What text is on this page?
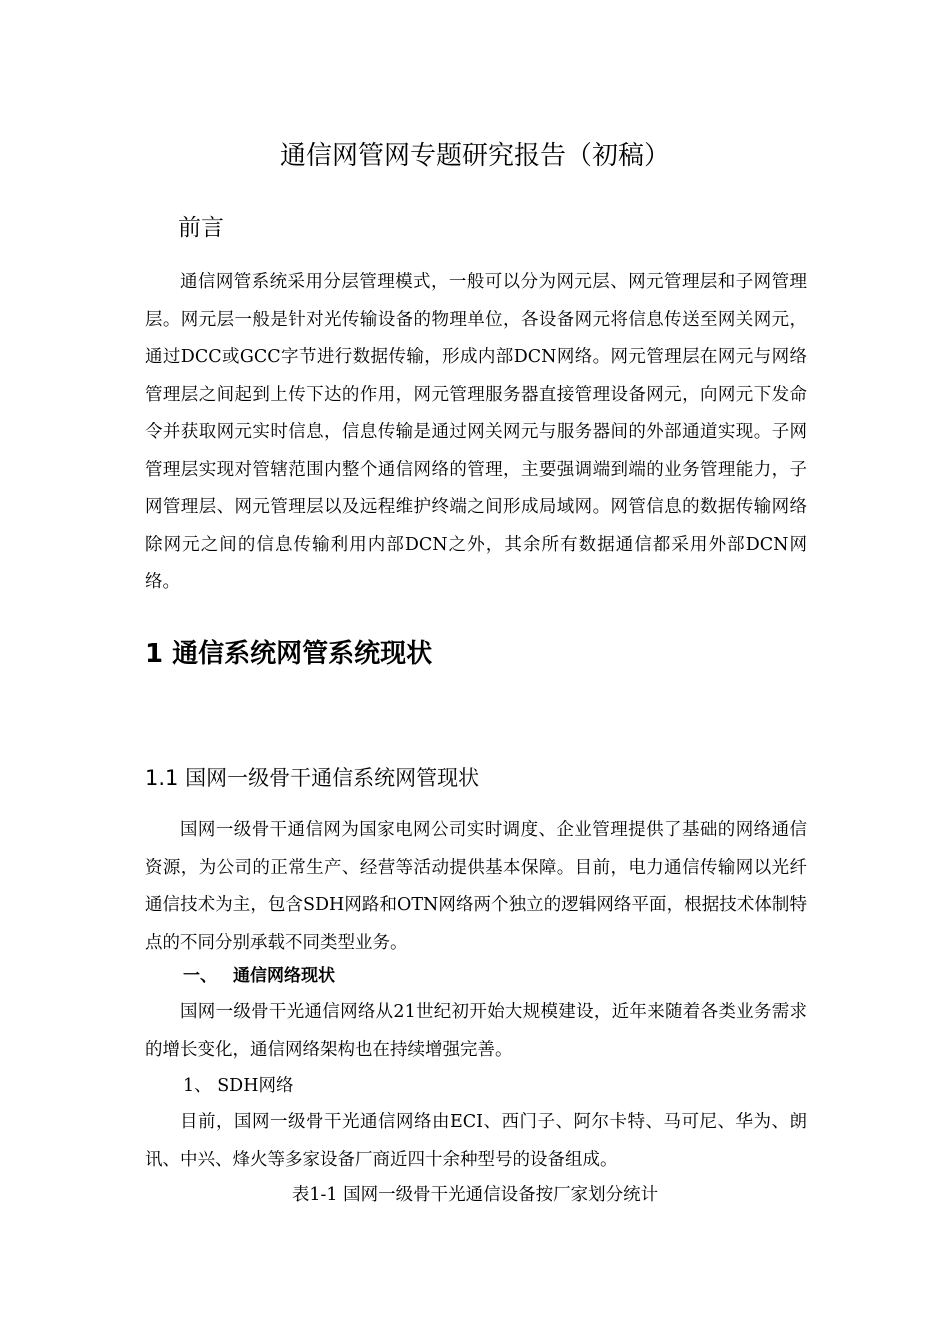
通信网管网专题研究报告（初稿）
前言

通信网管系统采用分层管理模式，一般可以分为网元层、网元管理层和子网管理层。网元层一般是针对光传输设备的物理单位，各设备网元将信息传送至网关网元，通过DCC或GCC字节进行数据传输，形成内部DCN网络。网元管理层在网元与网络管理层之间起到上传下达的作用，网元管理服务器直接管理设备网元，向网元下发命令并获取网元实时信息，信息传输是通过网关网元与服务器间的外部通道实现。子网管理层实现对管辖范围内整个通信网络的管理，主要强调端到端的业务管理能力，子网管理层、网元管理层以及远程维护终端之间形成局域网。网管信息的数据传输网络除网元之间的信息传输利用内部DCN之外，其余所有数据通信都采用外部DCN网络。

1 通信系统网管系统现状
1.1 国网一级骨干通信系统网管现状

国网一级骨干通信网为国家电网公司实时调度、企业管理提供了基础的网络通信资源，为公司的正常生产、经营等活动提供基本保障。目前，电力通信传输网以光纤通信技术为主，包含SDH网路和OTN网络两个独立的逻辑网络平面，根据技术体制特点的不同分别承载不同类型业务。

一、 通信网络现状

国网一级骨干光通信网络从21世纪初开始大规模建设，近年来随着各类业务需求的增长变化，通信网络架构也在持续增强完善。

1、 SDH网络

目前，国网一级骨干光通信网络由ECI、西门子、阿尔卡特、马可尼、华为、朗讯、中兴、烽火等多家设备厂商近四十余种型号的设备组成。

表1-1 国网一级骨干光通信设备按厂家划分统计
